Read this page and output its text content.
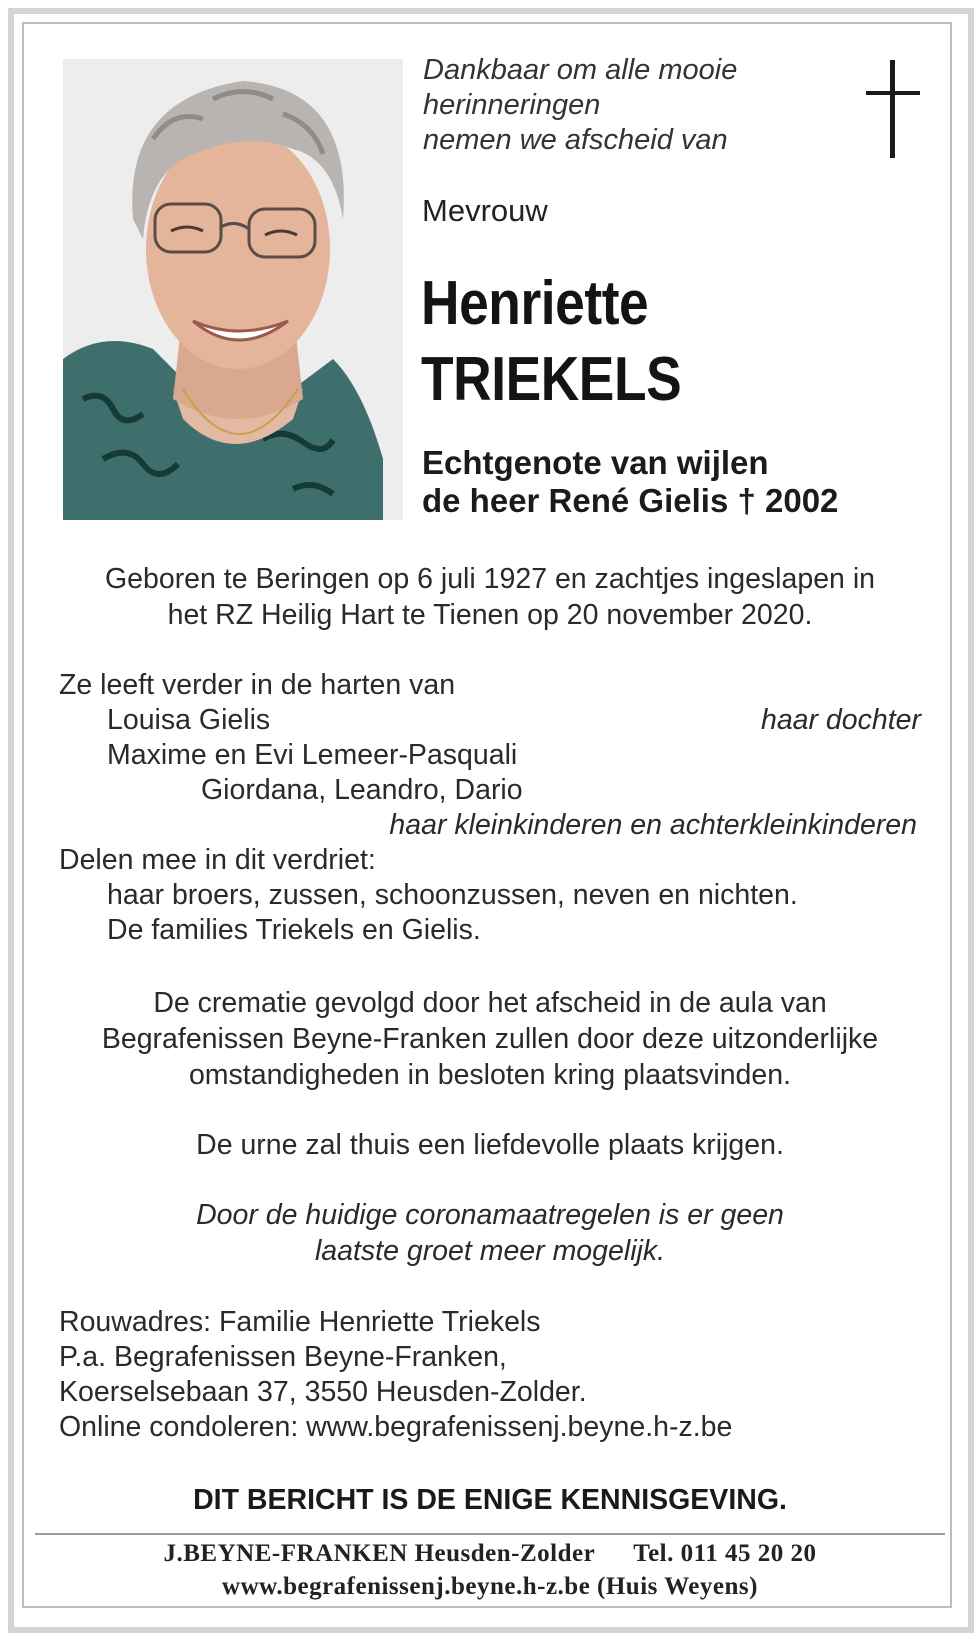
Dankbaar om alle mooie
herinneringen
nemen we afscheid van
Mevrouw
Henriette
TRIEKELS
Echtgenote van wijlen
de heer René Gielis † 2002
Geboren te Beringen op 6 juli 1927 en zachtjes ingeslapen in
het RZ Heilig Hart te Tienen op 20 november 2020.
Ze leeft verder in de harten van
Louisa Gielis	haar dochter
Maxime en Evi Lemeer-Pasquali
Giordana, Leandro, Dario
haar kleinkinderen en achterkleinkinderen
Delen mee in dit verdriet:
haar broers, zussen, schoonzussen, neven en nichten.
De families Triekels en Gielis.
De crematie gevolgd door het afscheid in de aula van
Begrafenissen Beyne-Franken zullen door deze uitzonderlijke
omstandigheden in besloten kring plaatsvinden.
De urne zal thuis een liefdevolle plaats krijgen.
Door de huidige coronamaatregelen is er geen
laatste groet meer mogelijk.
Rouwadres: Familie Henriette Triekels
P.a. Begrafenissen Beyne-Franken,
Koerselsebaan 37, 3550 Heusden-Zolder.
Online condoleren: www.begrafenissenj.beyne.h-z.be
DIT BERICHT IS DE ENIGE KENNISGEVING.
J.BEYNE-FRANKEN Heusden-Zolder Tel. 011 45 20 20
www.begrafenissenj.beyne.h-z.be (Huis Weyens)
